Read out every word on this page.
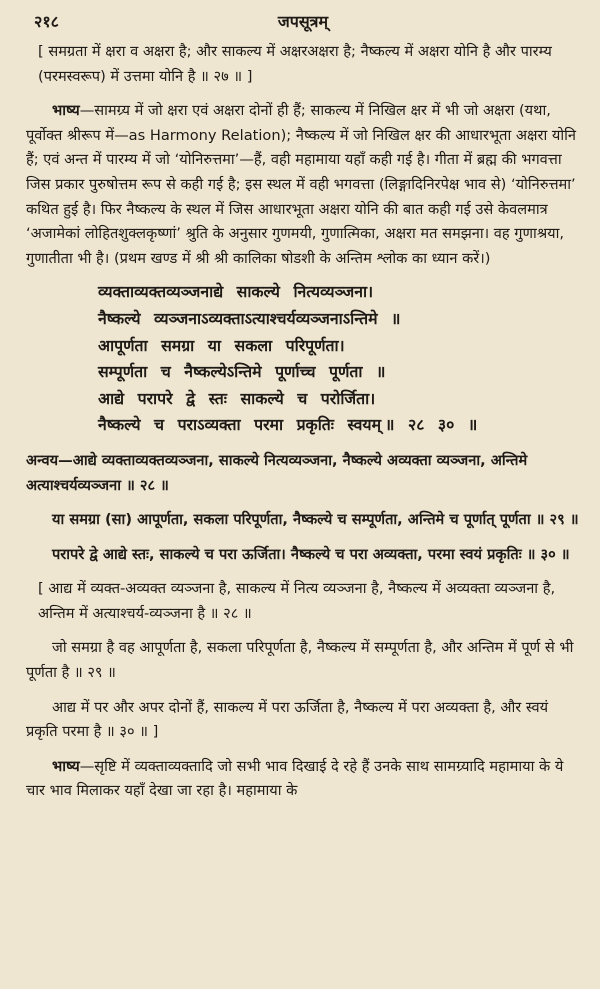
२१८	जपसूत्रम्

[ समग्रता में क्षरा व अक्षरा है; और साकल्य में अक्षरअक्षरा है; नैष्कल्य में अक्षरा योनि है और पारम्य (परमस्वरूप) में उत्तमा योनि है ॥ २७ ॥ ]

भाष्य—सामग्र्य में जो क्षरा एवं अक्षरा दोनों ही हैं; साकल्य में निखिल क्षर में भी जो अक्षरा (यथा, पूर्वोक्त श्रीरूप में—as Harmony Relation); नैष्कल्य में जो निखिल क्षर की आधारभूता अक्षरा योनि हैं; एवं अन्त में पारम्य में जो ‘योनिरुत्तमा’—हैं, वही महामाया यहाँ कही गई है। गीता में ब्रह्म की भगवत्ता जिस प्रकार पुरुषोत्तम रूप से कही गई है; इस स्थल में वही भगवत्ता (लिङ्गादिनिरपेक्ष भाव से) ‘योनिरुत्तमा’ कथित हुई है। फिर नैष्कल्य के स्थल में जिस आधारभूता अक्षरा योनि की बात कही गई उसे केवलमात्र ‘अजामेकां लोहितशुक्लकृष्णां’ श्रुति के अनुसार गुणमयी, गुणात्मिका, अक्षरा मत समझना। वह गुणाश्रया, गुणातीता भी है। (प्रथम खण्ड में श्री श्री कालिका षोडशी के अन्तिम श्लोक का ध्यान करें।)

व्यक्ताव्यक्तव्यञ्जनाद्ये साकल्ये नित्यव्यञ्जना।

नैष्कल्ये व्यञ्जनाऽव्यक्ताऽत्याश्चर्यव्यञ्जनाऽन्तिमे ॥

आपूर्णता समग्रा या सकला परिपूर्णता।

सम्पूर्णता च नैष्कल्येऽन्तिमे पूर्णाच्च पूर्णता ॥

आद्ये परापरे द्वे स्तः साकल्ये च परोर्जिता।

नैष्कल्ये च पराऽव्यक्ता परमा प्रकृतिः स्वयम् ॥ २८ ३० ॥

अन्वय—आद्ये व्यक्ताव्यक्तव्यञ्जना, साकल्ये नित्यव्यञ्जना, नैष्कल्ये अव्यक्ता व्यञ्जना, अन्तिमे अत्याश्चर्यव्यञ्जना ॥ २८ ॥

या समग्रा (सा) आपूर्णता, सकला परिपूर्णता, नैष्कल्ये च सम्पूर्णता, अन्तिमे च पूर्णात् पूर्णता ॥ २९ ॥

परापरे द्वे आद्ये स्तः, साकल्ये च परा ऊर्जिता। नैष्कल्ये च परा अव्यक्ता, परमा स्वयं प्रकृतिः ॥ ३० ॥

[ आद्य में व्यक्त-अव्यक्त व्यञ्जना है, साकल्य में नित्य व्यञ्जना है, नैष्कल्य में अव्यक्ता व्यञ्जना है, अन्तिम में अत्याश्चर्य-व्यञ्जना है ॥ २८ ॥

जो समग्रा है वह आपूर्णता है, सकला परिपूर्णता है, नैष्कल्य में सम्पूर्णता है, और अन्तिम में पूर्ण से भी पूर्णता है ॥ २९ ॥

आद्य में पर और अपर दोनों हैं, साकल्य में परा ऊर्जिता है, नैष्कल्य में परा अव्यक्ता है, और स्वयं प्रकृति परमा है ॥ ३० ॥ ]

भाष्य—सृष्टि में व्यक्ताव्यक्तादि जो सभी भाव दिखाई दे रहे हैं उनके साथ सामग्र्यादि महामाया के ये चार भाव मिलाकर यहाँ देखा जा रहा है। महामाया के
